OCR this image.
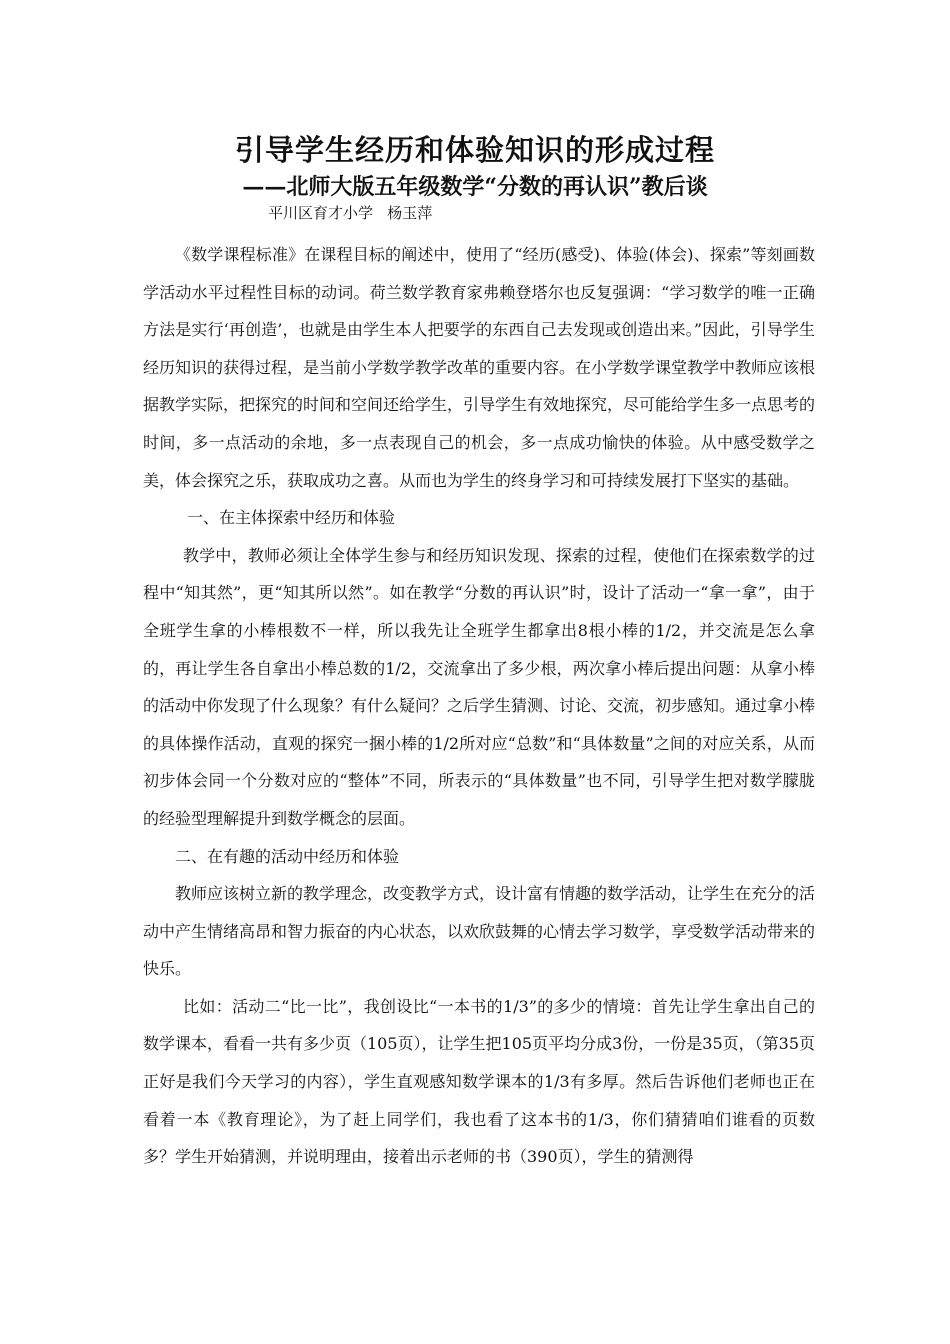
引导学生经历和体验知识的形成过程
——北师大版五年级数学“分数的再认识”教后谈
平川区育才小学   杨玉萍

《数学课程标准》在课程目标的阐述中，使用了“经历(感受)、体验(体会)、探索”等刻画数学活动水平过程性目标的动词。荷兰数学教育家弗赖登塔尔也反复强调：“学习数学的唯一正确方法是实行‘再创造’，也就是由学生本人把要学的东西自己去发现或创造出来。”因此，引导学生经历知识的获得过程，是当前小学数学教学改革的重要内容。在小学数学课堂教学中教师应该根据教学实际，把探究的时间和空间还给学生，引导学生有效地探究，尽可能给学生多一点思考的时间，多一点活动的余地，多一点表现自己的机会，多一点成功愉快的体验。从中感受数学之美，体会探究之乐，获取成功之喜。从而也为学生的终身学习和可持续发展打下坚实的基础。

一、在主体探索中经历和体验

教学中，教师必须让全体学生参与和经历知识发现、探索的过程，使他们在探索数学的过程中“知其然”，更“知其所以然”。如在教学“分数的再认识”时，设计了活动一“拿一拿”，由于全班学生拿的小棒根数不一样，所以我先让全班学生都拿出8根小棒的1/2，并交流是怎么拿的，再让学生各自拿出小棒总数的1/2，交流拿出了多少根，两次拿小棒后提出问题：从拿小棒的活动中你发现了什么现象？有什么疑问？之后学生猜测、讨论、交流，初步感知。通过拿小棒的具体操作活动，直观的探究一捆小棒的1/2所对应“总数”和“具体数量”之间的对应关系，从而初步体会同一个分数对应的“整体”不同，所表示的“具体数量”也不同，引导学生把对数学朦胧的经验型理解提升到数学概念的层面。

二、在有趣的活动中经历和体验

教师应该树立新的教学理念，改变教学方式，设计富有情趣的数学活动，让学生在充分的活动中产生情绪高昂和智力振奋的内心状态，以欢欣鼓舞的心情去学习数学，享受数学活动带来的快乐。

比如：活动二“比一比”，我创设比“一本书的1/3”的多少的情境：首先让学生拿出自己的数学课本，看看一共有多少页（105页），让学生把105页平均分成3份，一份是35页，（第35页正好是我们今天学习的内容），学生直观感知数学课本的1/3有多厚。然后告诉他们老师也正在看着一本《教育理论》，为了赶上同学们，我也看了这本书的1/3，你们猜猜咱们谁看的页数多？学生开始猜测，并说明理由，接着出示老师的书（390页），学生的猜测得
